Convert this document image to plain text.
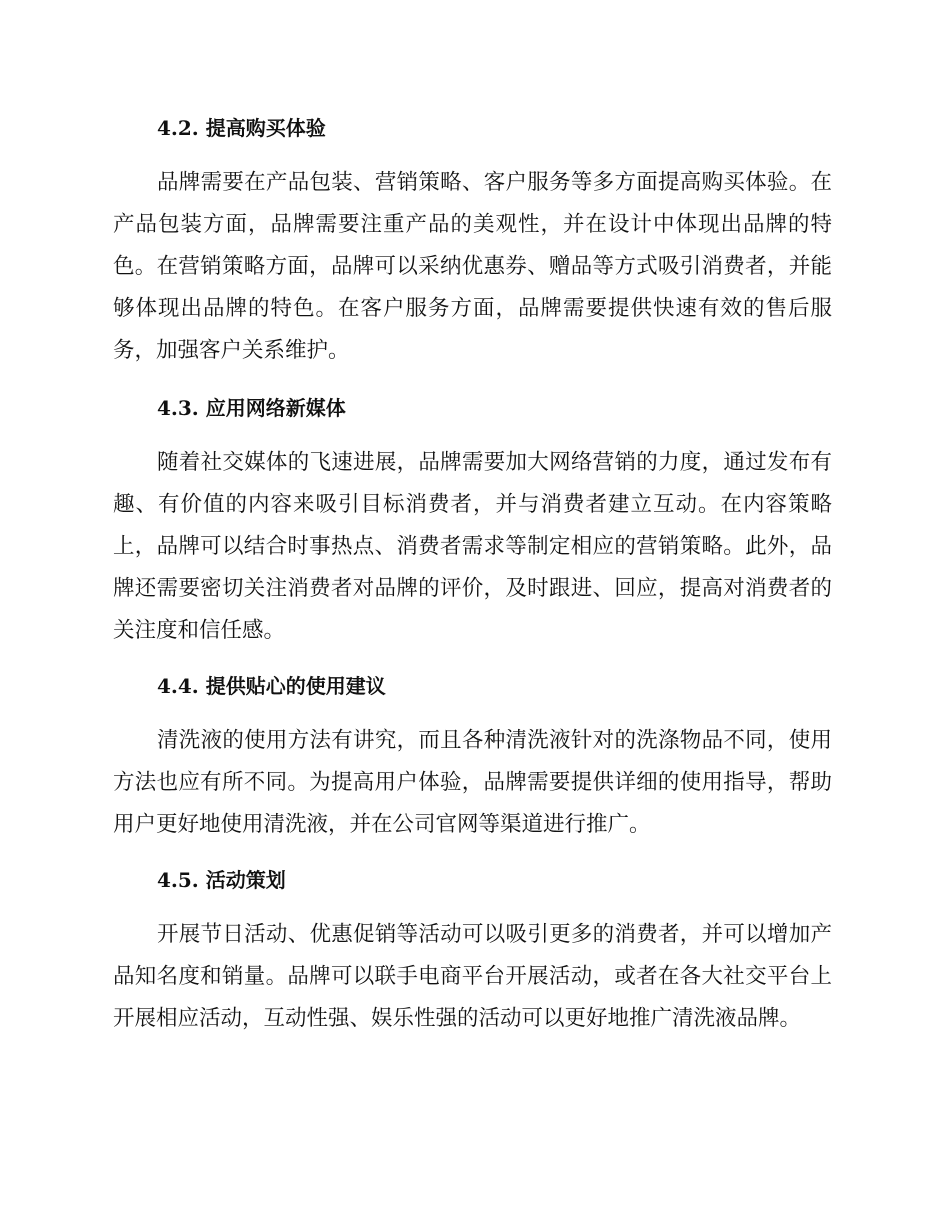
4.2. 提高购买体验

品牌需要在产品包装、营销策略、客户服务等多方面提高购买体验。在产品包装方面，品牌需要注重产品的美观性，并在设计中体现出品牌的特色。在营销策略方面，品牌可以采纳优惠券、赠品等方式吸引消费者，并能够体现出品牌的特色。在客户服务方面，品牌需要提供快速有效的售后服务，加强客户关系维护。

4.3. 应用网络新媒体

随着社交媒体的飞速进展，品牌需要加大网络营销的力度，通过发布有趣、有价值的内容来吸引目标消费者，并与消费者建立互动。在内容策略上，品牌可以结合时事热点、消费者需求等制定相应的营销策略。此外，品牌还需要密切关注消费者对品牌的评价，及时跟进、回应，提高对消费者的关注度和信任感。

4.4. 提供贴心的使用建议

清洗液的使用方法有讲究，而且各种清洗液针对的洗涤物品不同，使用方法也应有所不同。为提高用户体验，品牌需要提供详细的使用指导，帮助用户更好地使用清洗液，并在公司官网等渠道进行推广。

4.5. 活动策划

开展节日活动、优惠促销等活动可以吸引更多的消费者，并可以增加产品知名度和销量。品牌可以联手电商平台开展活动，或者在各大社交平台上开展相应活动，互动性强、娱乐性强的活动可以更好地推广清洗液品牌。
